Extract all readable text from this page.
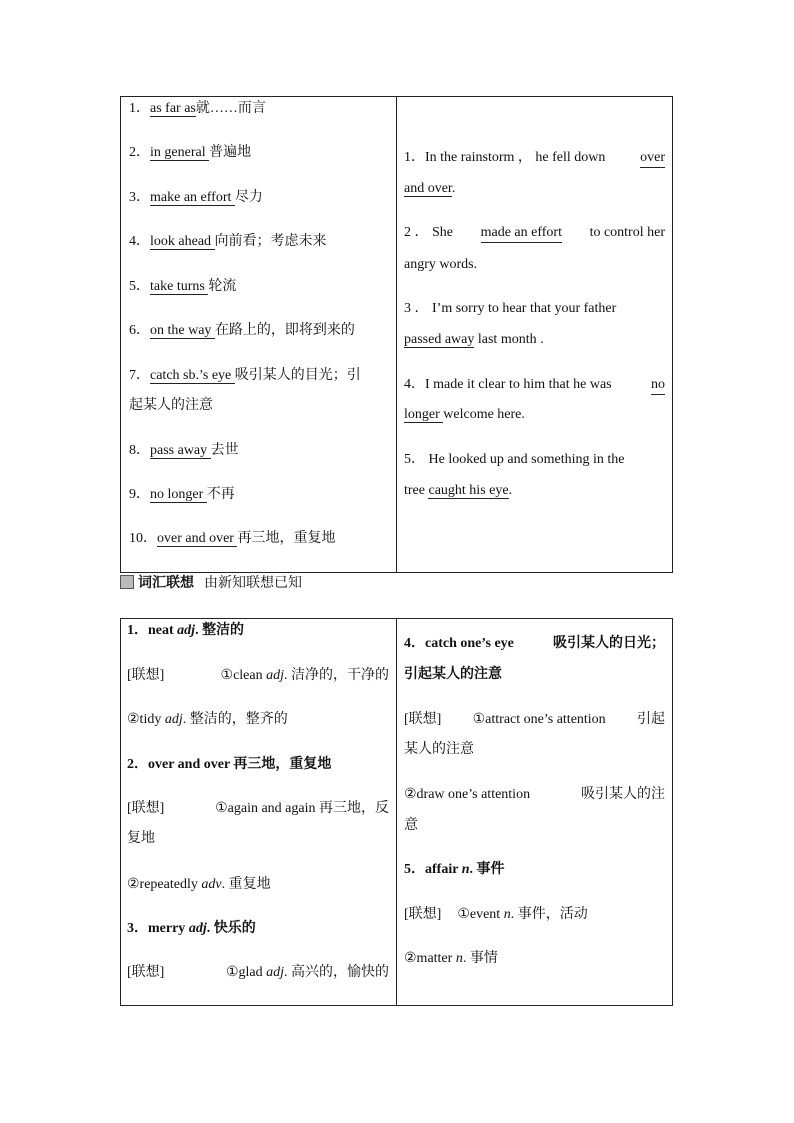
1．as far as就……而言
2．in general 普遍地
3．make an effort 尽力
4．look ahead 向前看；考虑未来
5．take turns 轮流
6．on the way 在路上的，即将到来的
7．catch sb.’s eye 吸引某人的目光；引
起某人的注意
8．pass away 去世
9．no longer 不再
10．over and over 再三地，重复地
1．In the rainstorm ， he fell down over
and over.
2 ． She made an effort to control her
angry words.
3 ． I’m sorry to hear that your father
passed away last month .
4．I made it clear to him that he was	no
longer welcome here.
5． He looked up and something in the
tree caught his eye.
词汇联想 由新知联想已知
1．neat adj. 整洁的
[联想]	①clean adj. 洁净的，干净的
②tidy adj. 整洁的，整齐的
2．over and over 再三地，重复地
[联想]	①again and again 再三地，反
复地
②repeatedly adv. 重复地
3．merry adj. 快乐的
[联想]	①glad adj. 高兴的，愉快的
4．catch one’s eye	吸引某人的日光；
引起某人的注意
[联想] ①attract one’s attention 引起
某人的注意
②draw one’s attention	吸引某人的注
意
5．affair n. 事件
[联想] ①event n. 事件，活动
②matter n. 事情
